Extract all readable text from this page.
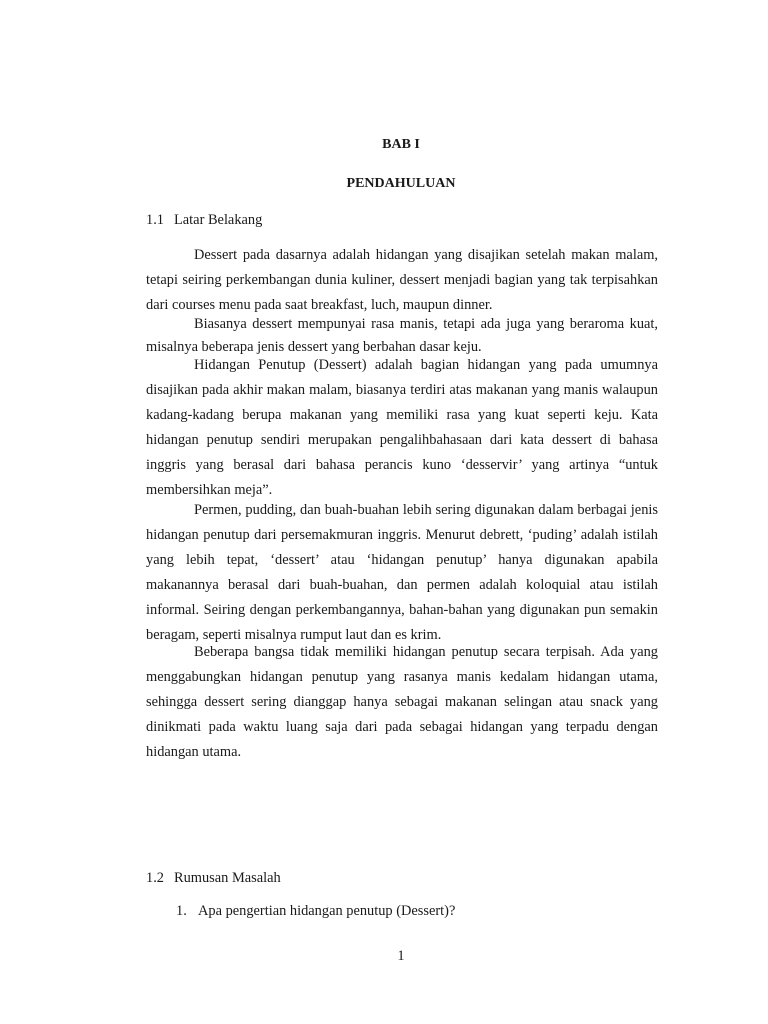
BAB I
PENDAHULUAN
1.1 Latar Belakang

Dessert pada dasarnya adalah hidangan yang disajikan setelah makan malam, tetapi seiring perkembangan dunia kuliner, dessert menjadi bagian yang tak terpisahkan dari courses menu pada saat breakfast, luch, maupun dinner.

Biasanya dessert mempunyai rasa manis, tetapi ada juga yang beraroma kuat, misalnya beberapa jenis dessert yang berbahan dasar keju.

Hidangan Penutup (Dessert) adalah bagian hidangan yang pada umumnya disajikan pada akhir makan malam, biasanya terdiri atas makanan yang manis walaupun kadang-kadang berupa makanan yang memiliki rasa yang kuat seperti keju. Kata hidangan penutup sendiri merupakan pengalihbahasaan dari kata dessert di bahasa inggris yang berasal dari bahasa perancis kuno ‘desservir’ yang artinya “untuk membersihkan meja”.

Permen, pudding, dan buah-buahan lebih sering digunakan dalam berbagai jenis hidangan penutup dari persemakmuran inggris. Menurut debrett, ‘puding’ adalah istilah yang lebih tepat, ‘dessert’ atau ‘hidangan penutup’ hanya digunakan apabila makanannya berasal dari buah-buahan, dan permen adalah koloquial atau istilah informal. Seiring dengan perkembangannya, bahan-bahan yang digunakan pun semakin beragam, seperti misalnya rumput laut dan es krim.

Beberapa bangsa tidak memiliki hidangan penutup secara terpisah. Ada yang menggabungkan hidangan penutup yang rasanya manis kedalam hidangan utama, sehingga dessert sering dianggap hanya sebagai makanan selingan atau snack yang dinikmati pada waktu luang saja dari pada sebagai hidangan yang terpadu dengan hidangan utama.

1.2 Rumusan Masalah
1. Apa pengertian hidangan penutup (Dessert)?
1
